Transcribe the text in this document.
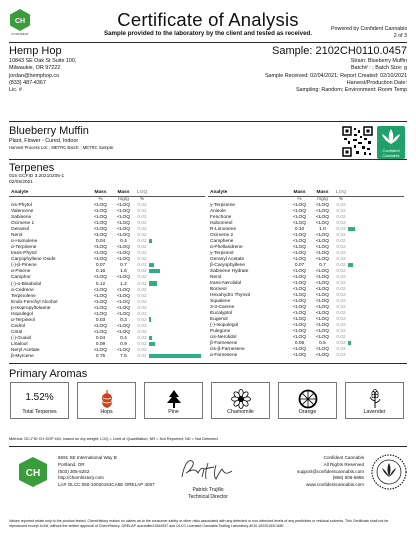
CH
CONFIDENT
Certificate of Analysis
Sample provided to the laboratory by the client and tested as received.
Powered by Confident Cannabis
2 of 3
Hemp Hop
10843 SE Oak St Suite 100,
Milwaukie, OR 97222
jordan@hemphop.co
(833) 487-4367
Lic. #
Sample: 2102CH0110.0457
Strain: Blueberry Muffin
Batch# : ; Batch Size: g
Sample Received: 02/04/2021; Report Created: 02/10/2021
Harvest/Production Date:
Sampling: Random; Environment: Room Temp
Blueberry Muffin
Plant, Flower - Cured, Indoor
Harvest Process Lot: ; METRC Batch: ; METRC Sample:
Confident Cannabis
Terpenes
015 GCFID 3.20210205-1
02/05/2021
Analyte	Mass	Mass	LOQ	
	%	mg/g	%	
cis-Phytol	<LOQ	<LOQ	0.02	
Valencene	<LOQ	<LOQ	0.02	
Sabinene	<LOQ	<LOQ	0.02	
Ocimene 1	<LOQ	<LOQ	0.02	
Geraniol	<LOQ	<LOQ	0.02	
Nerol	<LOQ	<LOQ	0.02	
α-Humulene	0.04	0.4	0.02	
α-Terpinene	<LOQ	<LOQ	0.02	
trans-Phytol	<LOQ	<LOQ	0.02	
Caryophyllene Oxide	<LOQ	<LOQ	0.02	
(-)-β-Pinene	0.07	0.7	0.02	
α-Pinene	0.16	1.6	0.02	
Camphor	<LOQ	<LOQ	0.02	
(-)-α-Bisabolol	0.12	1.2	0.02	
α-Cedrene	<LOQ	<LOQ	0.02	
Terpinolene	<LOQ	<LOQ	0.02	
Endo-Fenchyl Alcohol	<LOQ	<LOQ	0.02	
p-Isopropyltoluene	<LOQ	<LOQ	0.02	
Isopulegol	<LOQ	<LOQ	0.02	
α-Terpineol	0.03	0.3	0.02	
Cedrol	<LOQ	<LOQ	0.02	
Citral	<LOQ	<LOQ	0.02	
(-)-Guaiol	0.04	0.4	0.02	
Linalool	0.09	0.9	0.02	
Neryl Acetate	<LOQ	<LOQ	0.02	
β-Myrcene	0.75	7.5	0.02	
Analyte	Mass	Mass	LOQ	
	%	mg/g	%	
γ-Terpinene	<LOQ	<LOQ	0.02	
Anisole	<LOQ	<LOQ	0.02	
Fenchone	<LOQ	<LOQ	0.02	
Isoborneol	<LOQ	<LOQ	0.02	
R-Limonene	0.10	1.0	0.02	
Ocimene 2	<LOQ	<LOQ	0.02	
Camphene	<LOQ	<LOQ	0.02	
α-Phellandrene	<LOQ	<LOQ	0.02	
γ-Terpineol	<LOQ	<LOQ	0.02	
Geranyl Acetate	<LOQ	<LOQ	0.02	
β-Caryophyllene	0.07	0.7	0.02	
Sabinene Hydrate	<LOQ	<LOQ	0.02	
Nerol	<LOQ	<LOQ	0.02	
trans-Nerolidol	<LOQ	<LOQ	0.02	
Borneol	<LOQ	<LOQ	0.02	
Hexahydro Thymol	<LOQ	<LOQ	0.02	
Squalene	<LOQ	<LOQ	0.02	
3-3-Carene	<LOQ	<LOQ	0.02	
Eucalyptol	<LOQ	<LOQ	0.02	
Eugenol	<LOQ	<LOQ	0.02	
(-)-Isopulegol	<LOQ	<LOQ	0.02	
Pulegone	<LOQ	<LOQ	0.02	
cis-Nerolidol	<LOQ	<LOQ	0.02	
β-Farnesene	0.05	0.5	0.02	
cis-β-Farnesene	<LOQ	<LOQ	0.02	
α-Farnesene	<LOQ	<LOQ	0.02	
Primary Aromas
1.52%
Total Terpenes	Hops	Pine	Chamomile	Orange	Lavender
Method: GC-FID CH SOP 401; based on dry weight; LOQ = Limit of Quantitation; NR = Not Reported; ND = Not Detected
CH
5691 SE International Way B
Portland, OR
(503) 305-5252
http://chemhistory.com
Lic# OLCC 050-10020153CA5E ORELAP 4057
Patrick Trujillo
Technical Director
Confident Cannabis
All Rights Reserved
support@confidentcannabis.com
(866) 506-5866
www.confidentcannabis.com
Values reported relate only to the product tested. ChemHistory makes no claims as to the consumer safety or other risks associated with any detected or non-detected levels of any pesticides or residual solvents. This Certificate shall not be reproduced except in full, without the written approval of ChemHistory. ORELAP accredited ID#4057 and OLCC Licensed Cannabis Testing Laboratory #010-10020153CA5E.
